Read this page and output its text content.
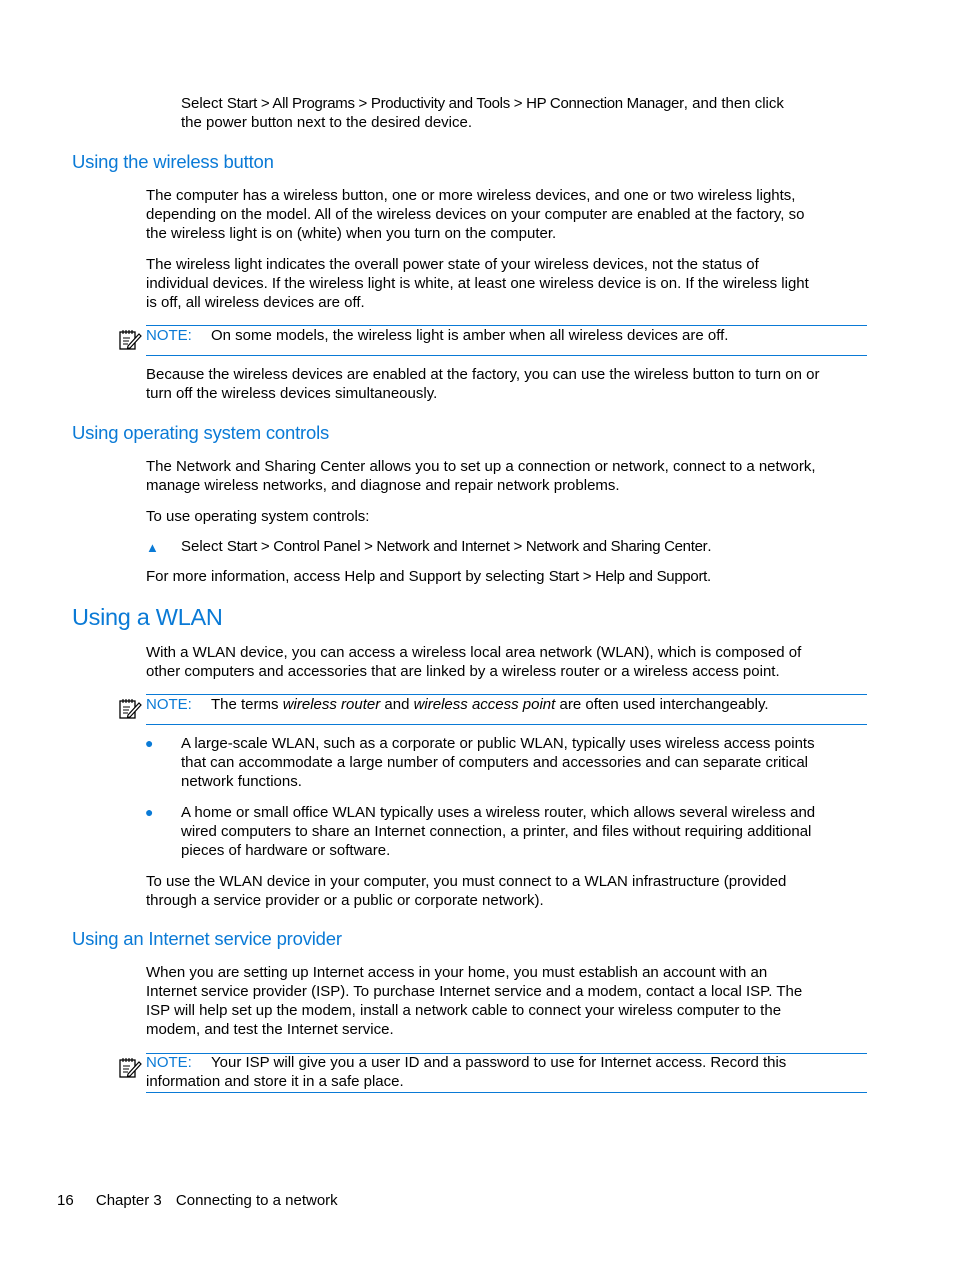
Select Start > All Programs > Productivity and Tools > HP Connection Manager, and then click
the power button next to the desired device.
Using the wireless button
The computer has a wireless button, one or more wireless devices, and one or two wireless lights,
depending on the model. All of the wireless devices on your computer are enabled at the factory, so
the wireless light is on (white) when you turn on the computer.
The wireless light indicates the overall power state of your wireless devices, not the status of
individual devices. If the wireless light is white, at least one wireless device is on. If the wireless light
is off, all wireless devices are off.
NOTE: On some models, the wireless light is amber when all wireless devices are off.
Because the wireless devices are enabled at the factory, you can use the wireless button to turn on or
turn off the wireless devices simultaneously.
Using operating system controls
The Network and Sharing Center allows you to set up a connection or network, connect to a network,
manage wireless networks, and diagnose and repair network problems.
To use operating system controls:
▲ Select Start > Control Panel > Network and Internet > Network and Sharing Center.
For more information, access Help and Support by selecting Start > Help and Support.
Using a WLAN
With a WLAN device, you can access a wireless local area network (WLAN), which is composed of
other computers and accessories that are linked by a wireless router or a wireless access point.
NOTE: The terms wireless router and wireless access point are often used interchangeably.
● A large-scale WLAN, such as a corporate or public WLAN, typically uses wireless access points
that can accommodate a large number of computers and accessories and can separate critical
network functions.
● A home or small office WLAN typically uses a wireless router, which allows several wireless and
wired computers to share an Internet connection, a printer, and files without requiring additional
pieces of hardware or software.
To use the WLAN device in your computer, you must connect to a WLAN infrastructure (provided
through a service provider or a public or corporate network).
Using an Internet service provider
When you are setting up Internet access in your home, you must establish an account with an
Internet service provider (ISP). To purchase Internet service and a modem, contact a local ISP. The
ISP will help set up the modem, install a network cable to connect your wireless computer to the
modem, and test the Internet service.
NOTE: Your ISP will give you a user ID and a password to use for Internet access. Record this
information and store it in a safe place.
16 Chapter 3 Connecting to a network
